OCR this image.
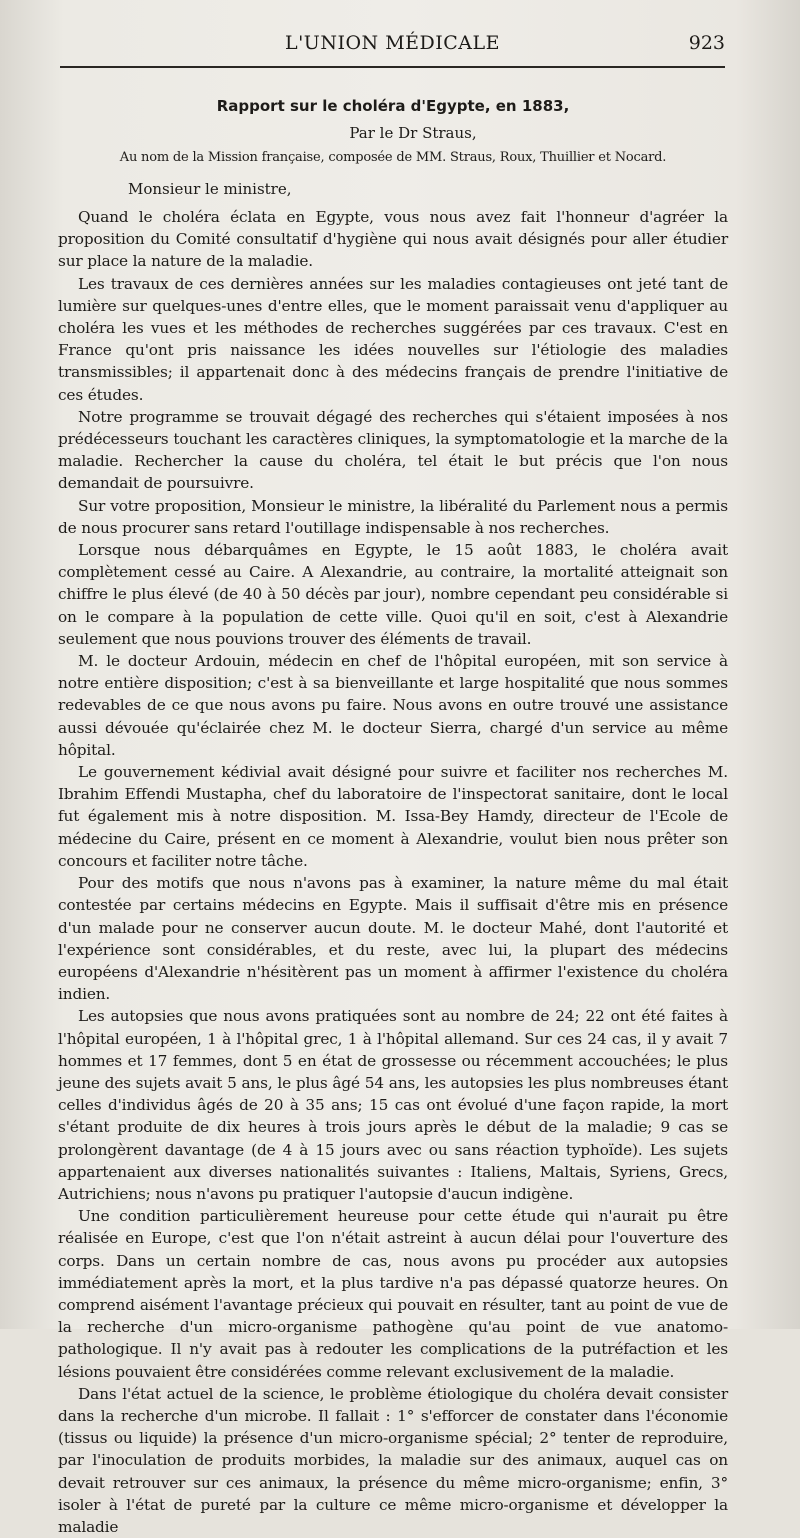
L'UNION MÉDICALE	923
Rapport sur le choléra d'Egypte, en 1883,
Par le Dr Straus,
Au nom de la Mission française, composée de MM. Straus, Roux, Thuillier et Nocard.
Monsieur le ministre,

Quand le choléra éclata en Egypte, vous nous avez fait l'honneur d'agréer la proposition du Comité consultatif d'hygiène qui nous avait désignés pour aller étudier sur place la nature de la maladie.

Les travaux de ces dernières années sur les maladies contagieuses ont jeté tant de lumière sur quelques-unes d'entre elles, que le moment paraissait venu d'appliquer au choléra les vues et les méthodes de recherches suggérées par ces travaux. C'est en France qu'ont pris naissance les idées nouvelles sur l'étiologie des maladies transmissibles; il appartenait donc à des médecins français de prendre l'initiative de ces études.

Notre programme se trouvait dégagé des recherches qui s'étaient imposées à nos prédécesseurs touchant les caractères cliniques, la symptomatologie et la marche de la maladie. Rechercher la cause du choléra, tel était le but précis que l'on nous demandait de poursuivre.

Sur votre proposition, Monsieur le ministre, la libéralité du Parlement nous a permis de nous procurer sans retard l'outillage indispensable à nos recherches.

Lorsque nous débarquâmes en Egypte, le 15 août 1883, le choléra avait complètement cessé au Caire. A Alexandrie, au contraire, la mortalité atteignait son chiffre le plus élevé (de 40 à 50 décès par jour), nombre cependant peu considérable si on le compare à la population de cette ville. Quoi qu'il en soit, c'est à Alexandrie seulement que nous pouvions trouver des éléments de travail.

M. le docteur Ardouin, médecin en chef de l'hôpital européen, mit son service à notre entière disposition; c'est à sa bienveillante et large hospitalité que nous sommes redevables de ce que nous avons pu faire. Nous avons en outre trouvé une assistance aussi dévouée qu'éclairée chez M. le docteur Sierra, chargé d'un service au même hôpital.

Le gouvernement kédivial avait désigné pour suivre et faciliter nos recherches M. Ibrahim Effendi Mustapha, chef du laboratoire de l'inspectorat sanitaire, dont le local fut également mis à notre disposition. M. Issa-Bey Hamdy, directeur de l'Ecole de médecine du Caire, présent en ce moment à Alexandrie, voulut bien nous prêter son concours et faciliter notre tâche.

Pour des motifs que nous n'avons pas à examiner, la nature même du mal était contestée par certains médecins en Egypte. Mais il suffisait d'être mis en présence d'un malade pour ne conserver aucun doute. M. le docteur Mahé, dont l'autorité et l'expérience sont considérables, et du reste, avec lui, la plupart des médecins européens d'Alexandrie n'hésitèrent pas un moment à affirmer l'existence du choléra indien.

Les autopsies que nous avons pratiquées sont au nombre de 24; 22 ont été faites à l'hôpital européen, 1 à l'hôpital grec, 1 à l'hôpital allemand. Sur ces 24 cas, il y avait 7 hommes et 17 femmes, dont 5 en état de grossesse ou récemment accouchées; le plus jeune des sujets avait 5 ans, le plus âgé 54 ans, les autopsies les plus nombreuses étant celles d'individus âgés de 20 à 35 ans; 15 cas ont évolué d'une façon rapide, la mort s'étant produite de dix heures à trois jours après le début de la maladie; 9 cas se prolongèrent davantage (de 4 à 15 jours avec ou sans réaction typhoïde). Les sujets appartenaient aux diverses nationalités suivantes : Italiens, Maltais, Syriens, Grecs, Autrichiens; nous n'avons pu pratiquer l'autopsie d'aucun indigène.

Une condition particulièrement heureuse pour cette étude qui n'aurait pu être réalisée en Europe, c'est que l'on n'était astreint à aucun délai pour l'ouverture des corps. Dans un certain nombre de cas, nous avons pu procéder aux autopsies immédiatement après la mort, et la plus tardive n'a pas dépassé quatorze heures. On comprend aisément l'avantage précieux qui pouvait en résulter, tant au point de vue de la recherche d'un micro-organisme pathogène qu'au point de vue anatomo-pathologique. Il n'y avait pas à redouter les complications de la putréfaction et les lésions pouvaient être considérées comme relevant exclusivement de la maladie.

Dans l'état actuel de la science, le problème étiologique du choléra devait consister dans la recherche d'un microbe. Il fallait : 1° s'efforcer de constater dans l'économie (tissus ou liquide) la présence d'un micro-organisme spécial; 2° tenter de reproduire, par l'inoculation de produits morbides, la maladie sur des animaux, auquel cas on devait retrouver sur ces animaux, la présence du même micro-organisme; enfin, 3° isoler à l'état de pureté par la culture ce même micro-organisme et développer la maladie
